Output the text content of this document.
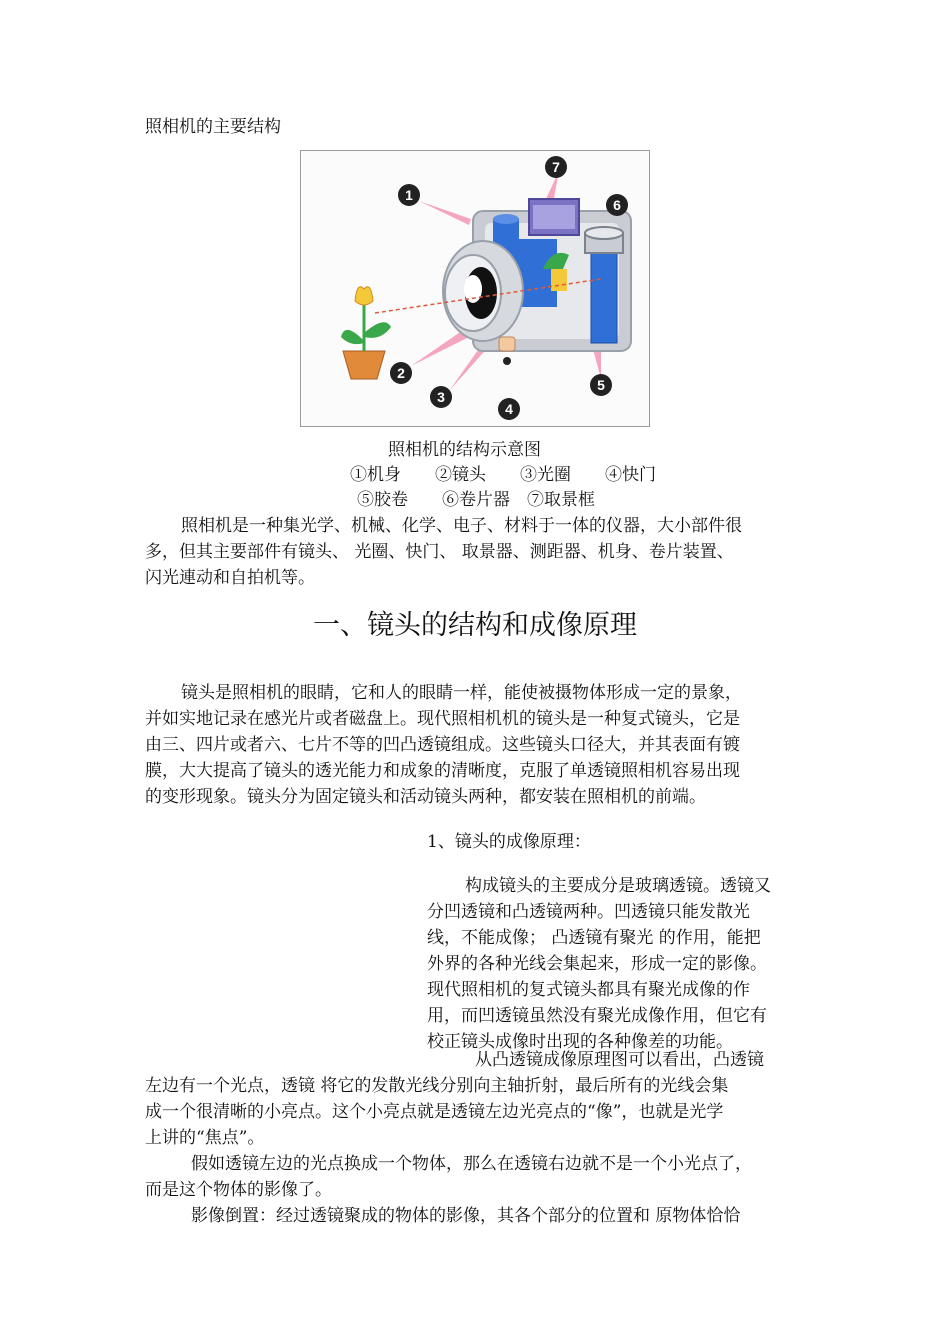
照相机的主要结构
1
7
6
2
3
4
5
照相机的结构示意图
①机身　　②镜头　　③光圈　　④快门
⑤胶卷　　⑥卷片器　⑦取景框
照相机是一种集光学、机械、化学、电子、材料于一体的仪器，大小部件很
多，但其主要部件有镜头、 光圈、快门、 取景器、测距器、机身、卷片装置、
闪光連动和自拍机等。
一、镜头的结构和成像原理
镜头是照相机的眼睛，它和人的眼睛一样，能使被摄物体形成一定的景象，
并如实地记录在感光片或者磁盘上。现代照相机机的镜头是一种复式镜头，它是
由三、四片或者六、七片不等的凹凸透镜组成。这些镜头口径大，并其表面有镀
膜，大大提高了镜头的透光能力和成象的清晰度，克服了单透镜照相机容易出现
的变形现象。镜头分为固定镜头和活动镜头两种，都安装在照相机的前端。
1、镜头的成像原理：
构成镜头的主要成分是玻璃透镜。透镜又
分凹透镜和凸透镜两种。凹透镜只能发散光
线，不能成像； 凸透镜有聚光 的作用，能把
外界的各种光线会集起来，形成一定的影像。
现代照相机的复式镜头都具有聚光成像的作
用，而凹透镜虽然没有聚光成像作用，但它有
校正镜头成像时出现的各种像差的功能。
从凸透镜成像原理图可以看出，凸透镜
左边有一个光点，透镜 将它的发散光线分别向主轴折射，最后所有的光线会集
成一个很清晰的小亮点。这个小亮点就是透镜左边光亮点的“像”，也就是光学
上讲的“焦点”。
假如透镜左边的光点换成一个物体，那么在透镜右边就不是一个小光点了，
而是这个物体的影像了。
影像倒置：经过透镜聚成的物体的影像，其各个部分的位置和 原物体恰恰
